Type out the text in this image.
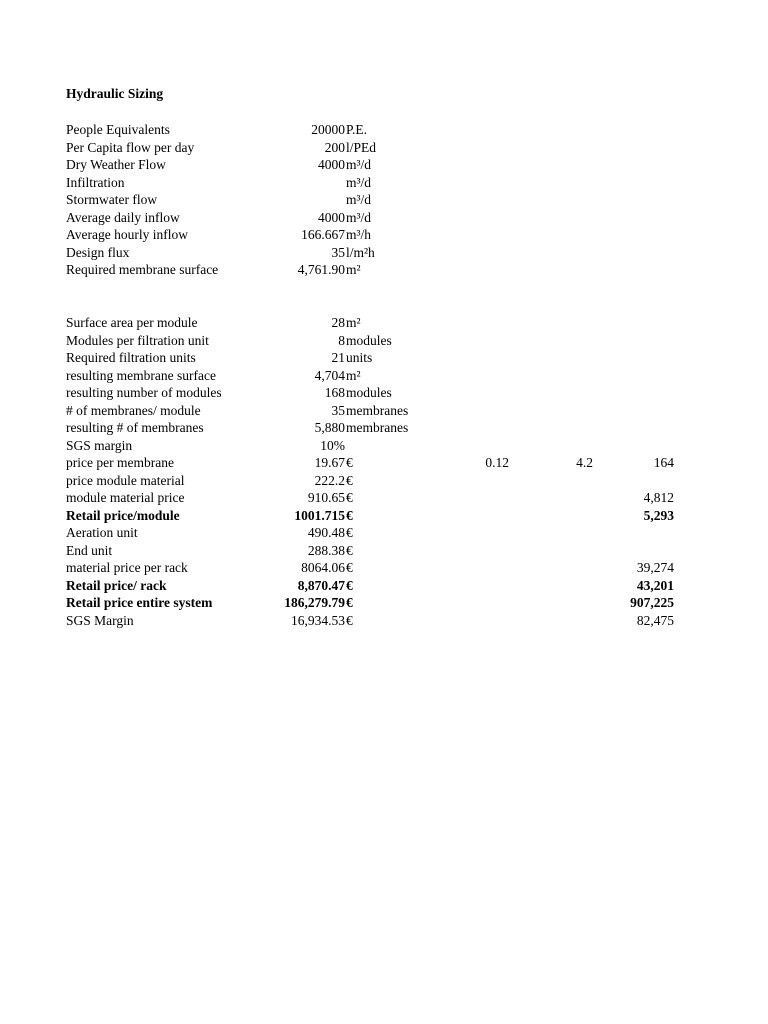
Hydraulic Sizing
People Equivalents	20000 P.E.
Per Capita flow per day	200 l/PEd
Dry Weather Flow	4000 m³/d
Infiltration	m³/d
Stormwater flow	m³/d
Average daily inflow	4000 m³/d
Average hourly inflow	166.667 m³/h
Design flux	35 l/m²h
Required membrane surface	4,761.90 m²
Surface area per module	28 m²
Modules per filtration unit	8 modules
Required filtration units	21 units
resulting membrane surface	4,704 m²
resulting number of modules	168 modules
# of membranes/ module	35 membranes
resulting # of membranes	5,880 membranes
SGS margin	10%
price per membrane	19.67 €	0.12	4.2	164
price module material	222.2 €
module material price	910.65 €	4,812
Retail price/module	1001.715 €	5,293
Aeration unit	490.48 €
End unit	288.38 €
material price per rack	8064.06 €	39,274
Retail price/ rack	8,870.47 €	43,201
Retail price entire system	186,279.79 €	907,225
SGS Margin	16,934.53 €	82,475
